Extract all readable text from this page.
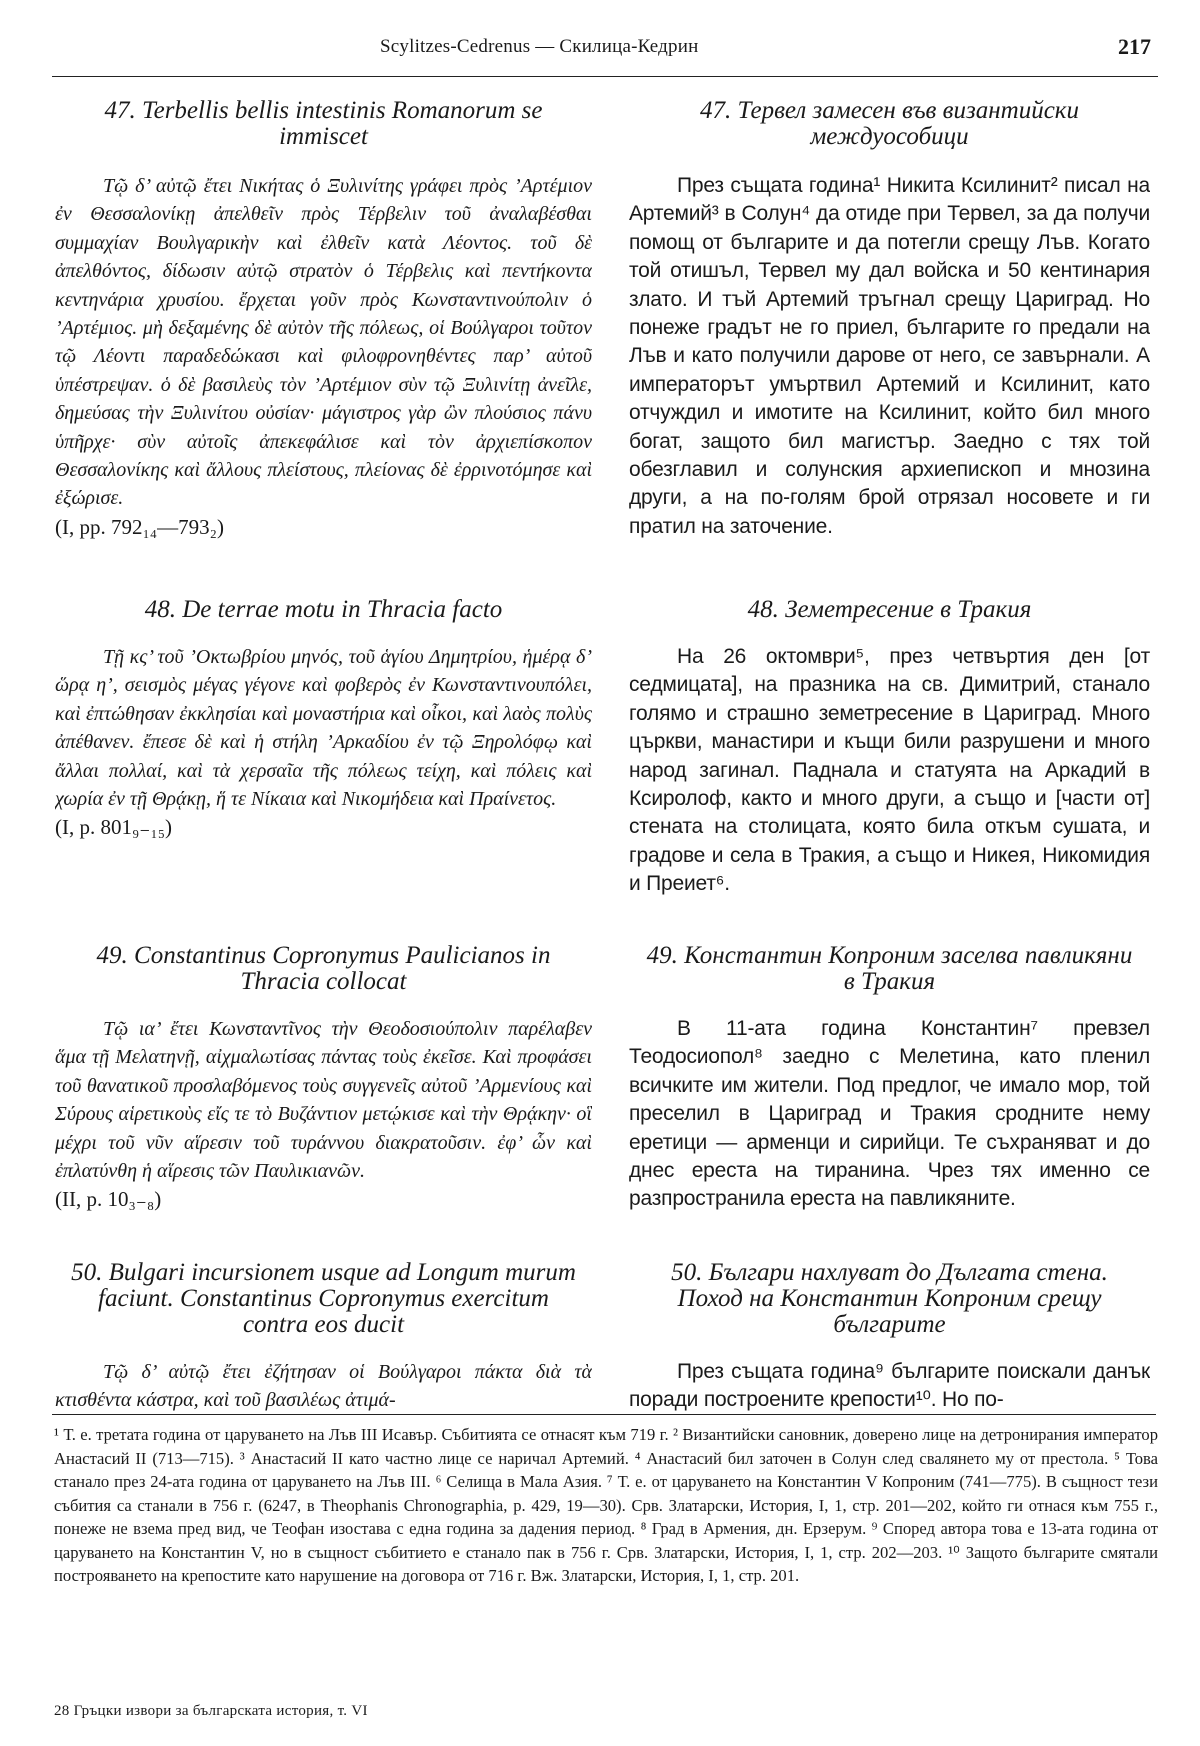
Scylitzes-Cedrenus — Скилица-Кедрин	217

47. Terbellis bellis intestinis Romanorum se immiscet

Τῷ δ’ αὐτῷ ἔτει Νικήτας ὁ Ξυλινίτης γράφει πρὸς ’Αρτέμιον ἐν Θεσσαλονίκῃ ἀπελθεῖν πρὸς Τέρβελιν τοῦ ἀναλαβέσθαι συμμαχίαν Βουλγαρικὴν καὶ ἐλθεῖν κατὰ Λέοντος. τοῦ δὲ ἀπελθόντος, δίδωσιν αὐτῷ στρατὸν ὁ Τέρβελις καὶ πεντήκοντα κεντηνάρια χρυσίου. ἔρχεται γοῦν πρὸς Κωνσταντινούπολιν ὁ ’Αρτέμιος. μὴ δεξαμένης δὲ αὐτὸν τῆς πόλεως, οἱ Βούλγαροι τοῦτον τῷ Λέοντι παραδεδώκασι καὶ φιλοφρονηθέντες παρ’ αὐτοῦ ὑπέστρεψαν. ὁ δὲ βασιλεὺς τὸν ’Αρτέμιον σὺν τῷ Ξυλινίτῃ ἀνεῖλε, δημεύσας τὴν Ξυλινίτου οὐσίαν· μάγιστρος γὰρ ὢν πλούσιος πάνυ ὑπῆρχε· σὺν αὐτοῖς ἀπεκεφάλισε καὶ τὸν ἀρχιεπίσκοπον Θεσσαλονίκης καὶ ἄλλους πλείστους, πλείονας δὲ ἐρρινοτόμησε καὶ ἐξώρισε.
(I, pp. 792₁₄—793₂)

47. Тервел замесен във византийски междуособици

През същата година¹ Никита Ксилинит² писал на Артемий³ в Солун⁴ да отиде при Тервел, за да получи помощ от българите и да потегли срещу Лъв. Когато той отишъл, Тервел му дал войска и 50 кентинария злато. И тъй Артемий тръгнал срещу Цариград. Но понеже градът не го приел, българите го предали на Лъв и като получили дарове от него, се завърнали. А императорът умъртвил Артемий и Ксилинит, като отчуждил и имотите на Ксилинит, който бил много богат, защото бил магистър. Заедно с тях той обезглавил и солунския архиепископ и мнозина други, а на по-голям брой отрязал носовете и ги пратил на заточение.

48. De terrae motu in Thracia facto

Τῇ κς’ τοῦ ’Οκτωβρίου μηνός, τοῦ ἁγίου Δημητρίου, ἡμέρᾳ δ’ ὥρᾳ η’, σεισμὸς μέγας γέγονε καὶ φοβερὸς ἐν Κωνσταντινουπόλει, καὶ ἐπτώθησαν ἐκκλησίαι καὶ μοναστήρια καὶ οἶκοι, καὶ λαὸς πολὺς ἀπέθανεν. ἔπεσε δὲ καὶ ἡ στήλη ’Αρκαδίου ἐν τῷ Ξηρολόφῳ καὶ ἄλλαι πολλαί, καὶ τὰ χερσαῖα τῆς πόλεως τείχη, καὶ πόλεις καὶ χωρία ἐν τῇ Θρᾴκῃ, ἥ τε Νίκαια καὶ Νικομήδεια καὶ Πραίνετος.
(I, p. 801₉₋₁₅)

48. Земетресение в Тракия

На 26 октомври⁵, през четвъртия ден [от седмицата], на празника на св. Димитрий, станало голямо и страшно земетресение в Цариград. Много църкви, манастири и къщи били разрушени и много народ загинал. Паднала и статуята на Аркадий в Ксиролоф, както и много други, а също и [части от] стената на столицата, която била откъм сушата, и градове и села в Тракия, а също и Никея, Никомидия и Преиет⁶.

49. Constantinus Copronymus Paulicianos in Thracia collocat

Τῷ ια’ ἔτει Κωνσταντῖνος τὴν Θεοδοσιούπολιν παρέλαβεν ἅμα τῇ Μελατηνῇ, αἰχμαλωτίσας πάντας τοὺς ἐκεῖσε. Καὶ προφάσει τοῦ θανατικοῦ προσλαβόμενος τοὺς συγγενεῖς αὐτοῦ ’Αρμενίους καὶ Σύρους αἱρετικοὺς εἴς τε τὸ Βυζάντιον μετῴκισε καὶ τὴν Θρᾴκην· οἳ μέχρι τοῦ νῦν αἵρεσιν τοῦ τυράννου διακρατοῦσιν. ἐφ’ ὧν καὶ ἐπλατύνθη ἡ αἵρεσις τῶν Παυλικιανῶν.
(II, p. 10₃₋₈)

49. Константин Копроним заселва павликяни в Тракия

В 11-ата година Константин⁷ превзел Теодосиопол⁸ заедно с Мелетина, като пленил всичките им жители. Под предлог, че имало мор, той преселил в Цариград и Тракия сродните нему еретици — арменци и сирийци. Те съхраняват и до днес ереста на тиранина. Чрез тях именно се разпространила ереста на павликяните.

50. Bulgari incursionem usque ad Longum murum faciunt. Constantinus Copronymus exercitum contra eos ducit

Τῷ δ’ αὐτῷ ἔτει ἐζήτησαν οἱ Βούλγαροι πάκτα διὰ τὰ κτισθέντα κάστρα, καὶ τοῦ βασιλέως ἀτιμά-

50. Българи нахлуват до Дългата стена. Поход на Константин Копроним срещу българите

През същата година⁹ българите поискали данък поради построените крепости¹⁰. Но по-

¹ Т. е. третата година от царуването на Лъв III Исавър. Събитията се отнасят към 719 г. ² Византийски сановник, доверено лице на детронирания император Анастасий II (713—715). ³ Анастасий II като частно лице се наричал Артемий. ⁴ Анастасий бил заточен в Солун след свалянето му от престола. ⁵ Това станало през 24-ата година от царуването на Лъв III. ⁶ Селища в Мала Азия. ⁷ Т. е. от царуването на Константин V Копроним (741—775). В същност тези събития са станали в 756 г. (6247, в Theophanis Chronographia, p. 429, 19—30). Срв. Златарски, История, I, 1, стр. 201—202, който ги отнася към 755 г., понеже не взема пред вид, че Теофан изостава с една година за дадения период. ⁸ Град в Армения, дн. Ерзерум. ⁹ Според автора това е 13-ата година от царуването на Константин V, но в същност събитието е станало пак в 756 г. Срв. Златарски, История, I, 1, стр. 202—203. ¹⁰ Защото българите смятали построяването на крепостите като нарушение на договора от 716 г. Вж. Златарски, История, I, 1, стр. 201.
28 Гръцки извори за българската история, т. VI
